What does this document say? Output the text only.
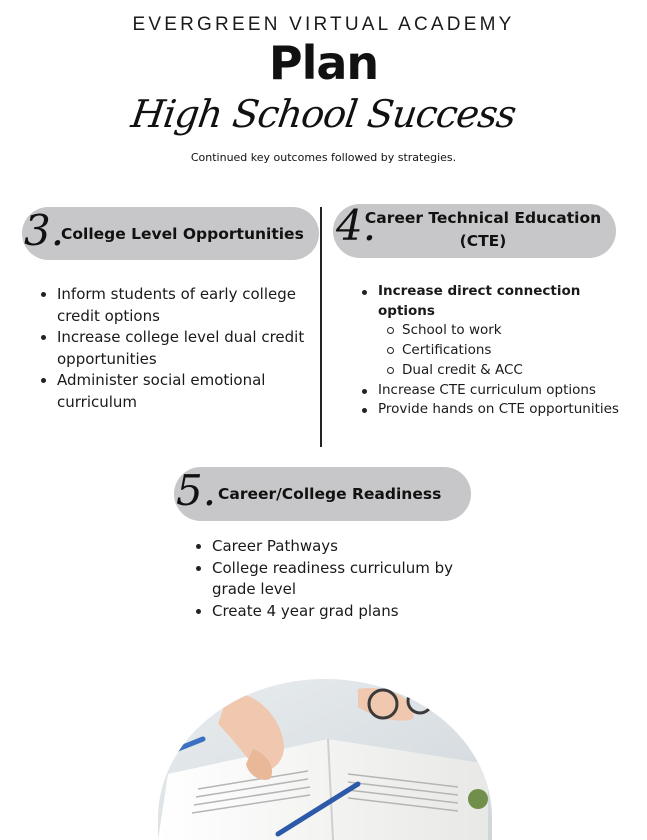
EVERGREEN VIRTUAL ACADEMY
Plan
High School Success
Continued key outcomes followed by strategies.
3.
College Level Opportunities
Inform students of early college credit options
Increase college level dual credit opportunities
Administer social emotional curriculum
4.
Career Technical Education
(CTE)
Increase direct connection options
School to work
Certifications
Dual credit & ACC
Increase CTE curriculum options
Provide hands on CTE opportunities
5. Career/College Readiness
Career Pathways
College readiness curriculum by grade level
Create 4 year grad plans
